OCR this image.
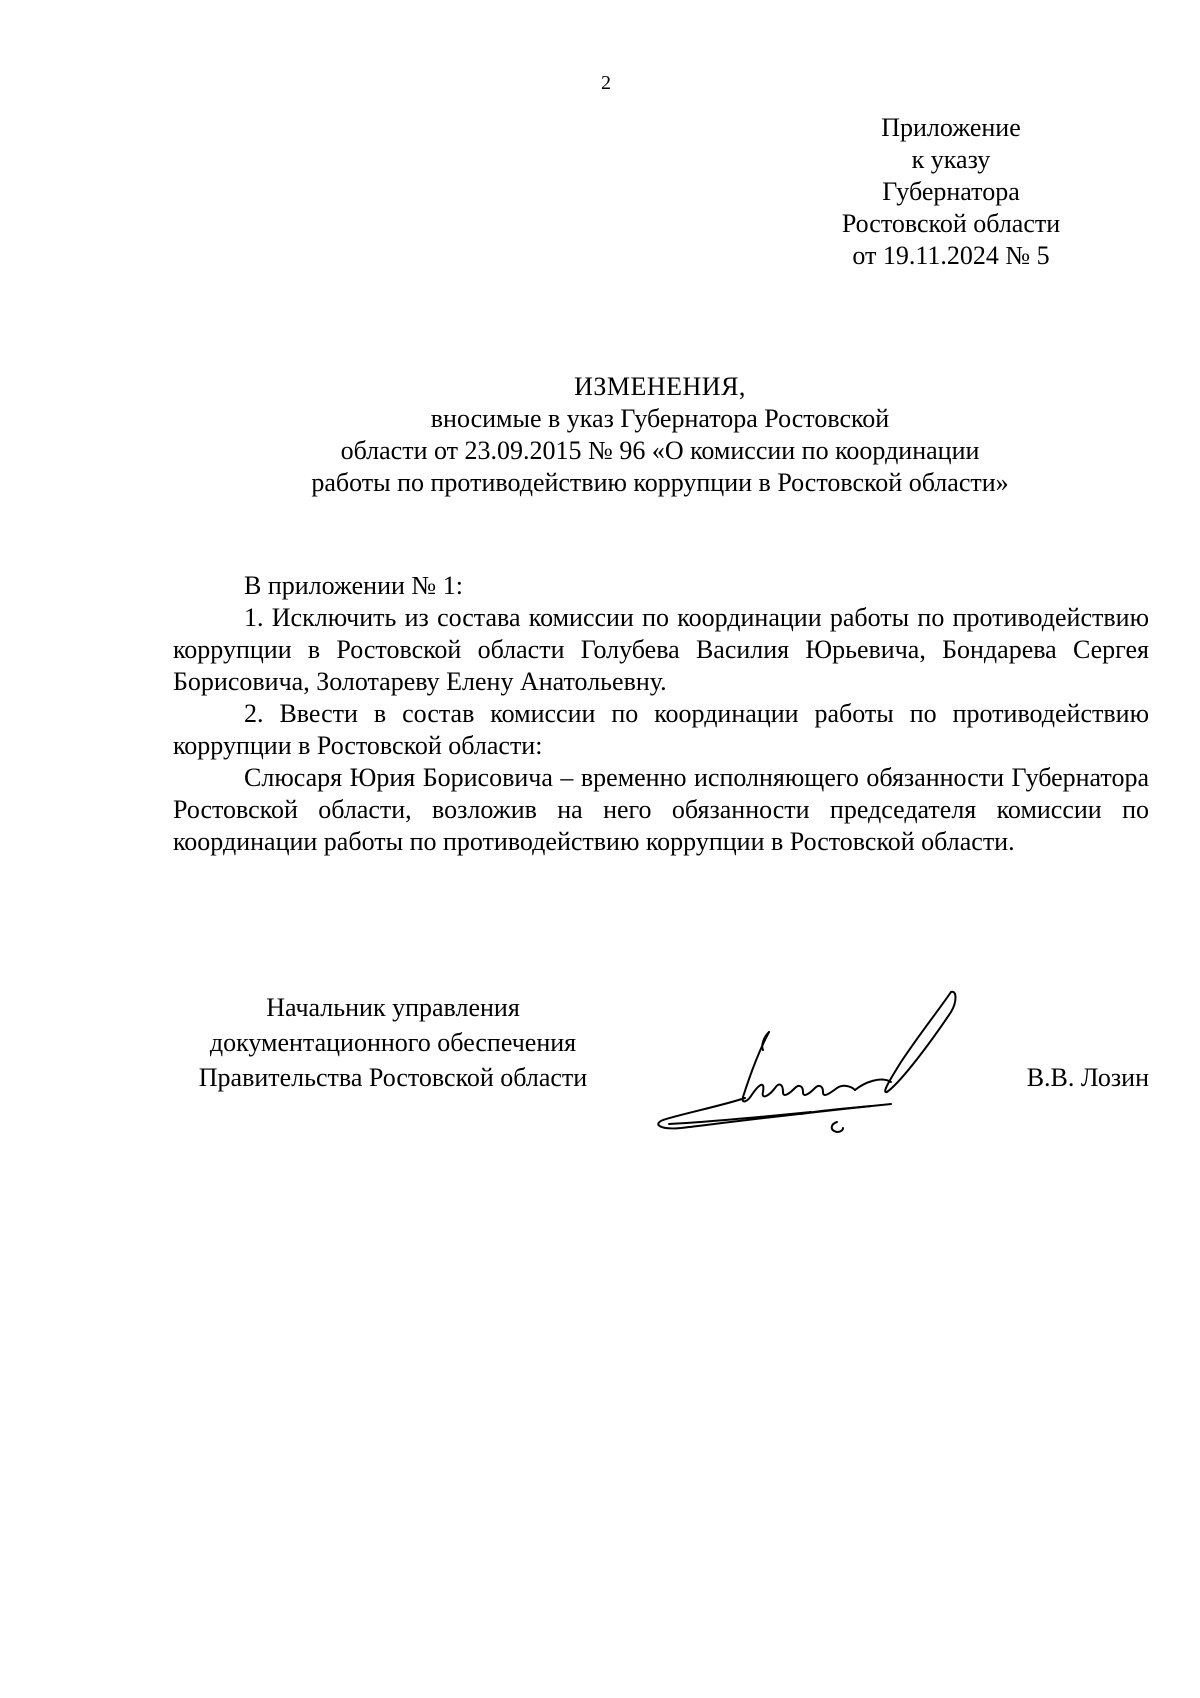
2
Приложение
к указу
Губернатора
Ростовской области
от 19.11.2024 № 5
ИЗМЕНЕНИЯ,
вносимые в указ Губернатора Ростовской
области от 23.09.2015 № 96 «О комиссии по координации
работы по противодействию коррупции в Ростовской области»

В приложении № 1:

1. Исключить из состава комиссии по координации работы по противодействию коррупции в Ростовской области Голубева Василия Юрьевича, Бондарева Сергея Борисовича, Золотареву Елену Анатольевну.

2. Ввести в состав комиссии по координации работы по противодействию коррупции в Ростовской области:

Слюсаря Юрия Борисовича – временно исполняющего обязанности Губернатора Ростовской области, возложив на него обязанности председателя комиссии по координации работы по противодействию коррупции в Ростовской области.

Начальник управления
документационного обеспечения
Правительства Ростовской области	В.В. Лозин
